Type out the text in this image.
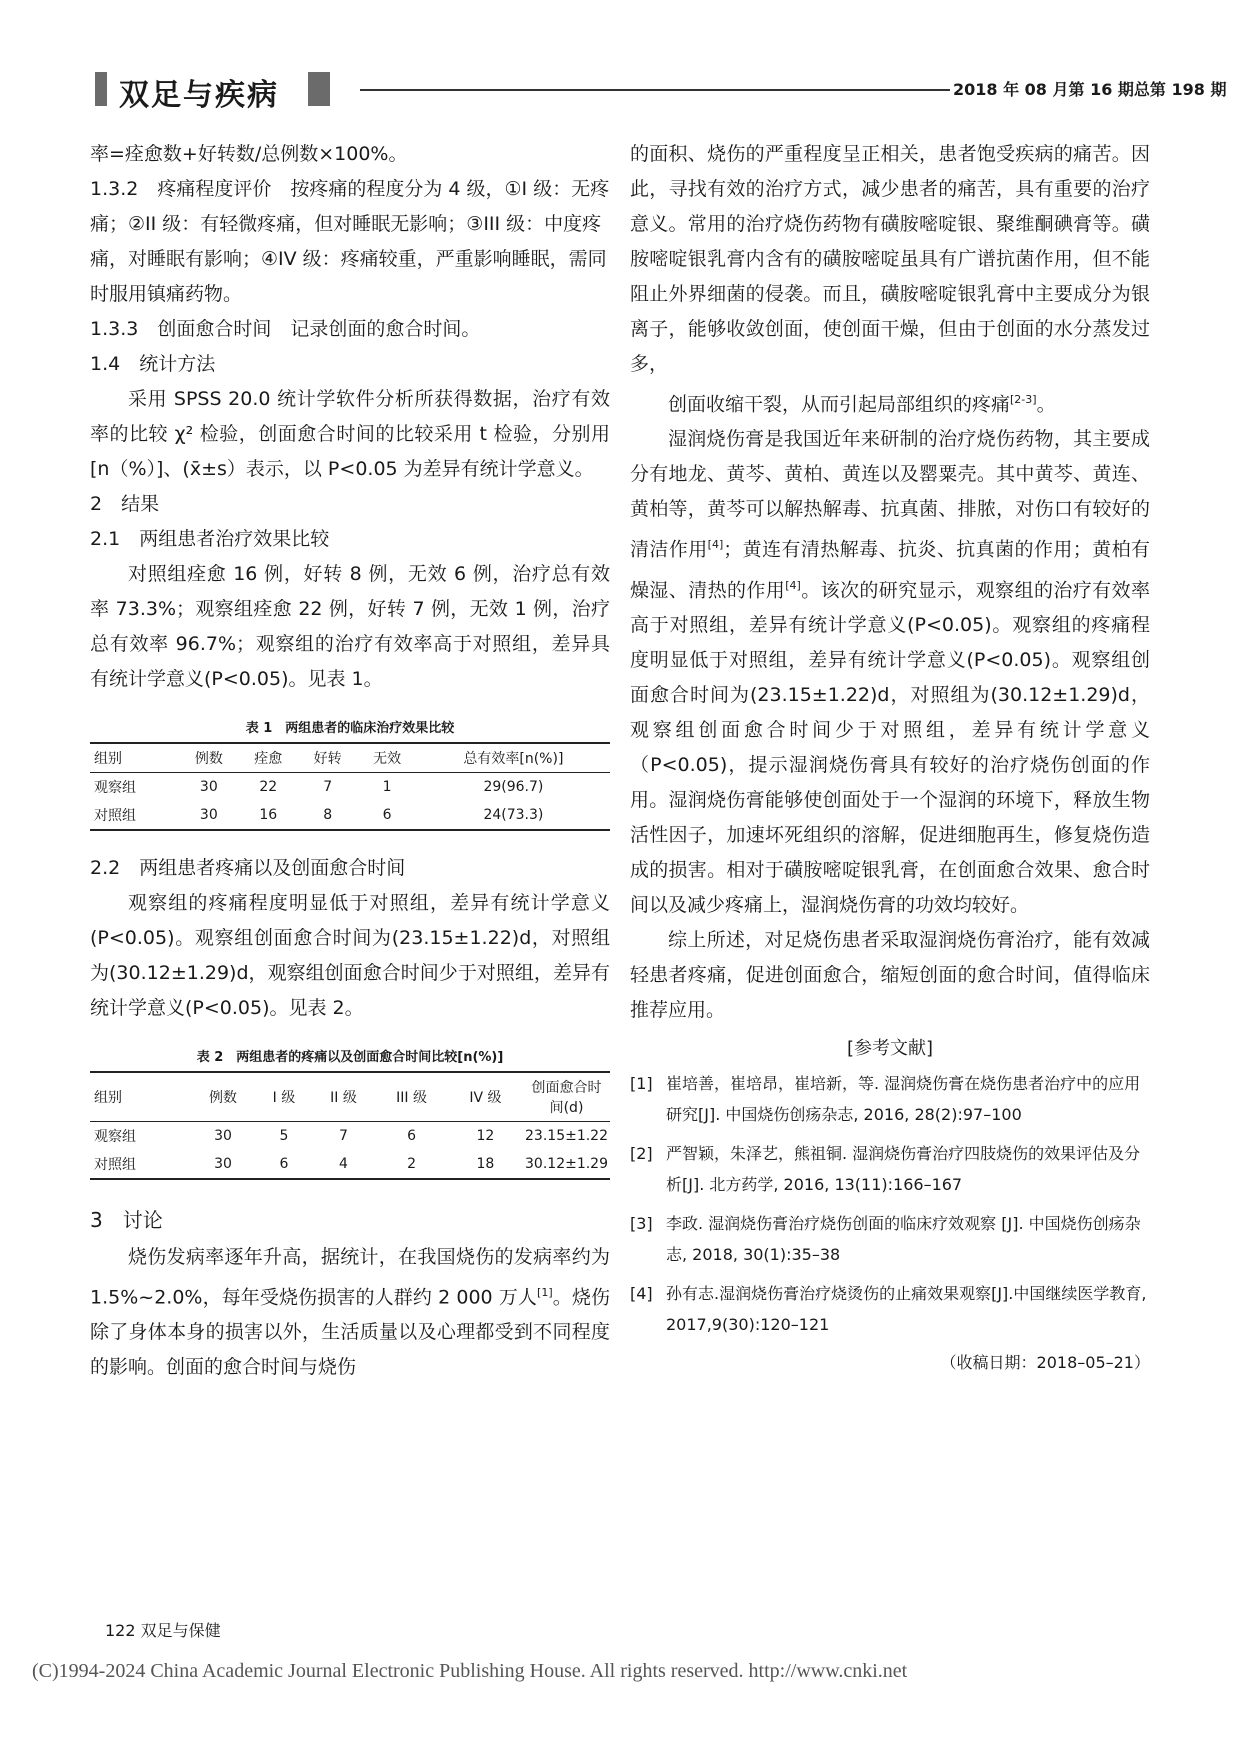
双足与疾病	2018 年 08 月第 16 期总第 198 期

率=痊愈数+好转数/总例数×100%。

1.3.2　疼痛程度评价　按疼痛的程度分为 4 级，①I 级：无疼痛；②II 级：有轻微疼痛，但对睡眠无影响；③III 级：中度疼痛，对睡眠有影响；④IV 级：疼痛较重，严重影响睡眠，需同时服用镇痛药物。

1.3.3　创面愈合时间　记录创面的愈合时间。

1.4　统计方法

采用 SPSS 20.0 统计学软件分析所获得数据，治疗有效率的比较 χ² 检验，创面愈合时间的比较采用 t 检验，分别用[n（%）]、(x̄±s）表示，以 P<0.05 为差异有统计学意义。

2　结果

2.1　两组患者治疗效果比较

对照组痊愈 16 例，好转 8 例，无效 6 例，治疗总有效率 73.3%；观察组痊愈 22 例，好转 7 例，无效 1 例，治疗总有效率 96.7%；观察组的治疗有效率高于对照组，差异具有统计学意义(P<0.05)。见表 1。

表 1　两组患者的临床治疗效果比较
组别	例数	痊愈	好转	无效	总有效率[n(%)]
观察组	30	22	7	1	29(96.7)
对照组	30	16	8	6	24(73.3)

2.2　两组患者疼痛以及创面愈合时间

观察组的疼痛程度明显低于对照组，差异有统计学意义(P<0.05)。观察组创面愈合时间为(23.15±1.22)d，对照组为(30.12±1.29)d，观察组创面愈合时间少于对照组，差异有统计学意义(P<0.05)。见表 2。

表 2　两组患者的疼痛以及创面愈合时间比较[n(%)]
组别	例数	I 级	II 级	III 级	IV 级	创面愈合时间(d)
观察组	30	5	7	6	12	23.15±1.22
对照组	30	6	4	2	18	30.12±1.29

3　讨论

烧伤发病率逐年升高，据统计，在我国烧伤的发病率约为 1.5%~2.0%，每年受烧伤损害的人群约 2 000 万人[1]。烧伤除了身体本身的损害以外，生活质量以及心理都受到不同程度的影响。创面的愈合时间与烧伤

的面积、烧伤的严重程度呈正相关，患者饱受疾病的痛苦。因此，寻找有效的治疗方式，减少患者的痛苦，具有重要的治疗意义。常用的治疗烧伤药物有磺胺嘧啶银、聚维酮碘膏等。磺胺嘧啶银乳膏内含有的磺胺嘧啶虽具有广谱抗菌作用，但不能阻止外界细菌的侵袭。而且，磺胺嘧啶银乳膏中主要成分为银离子，能够收敛创面，使创面干燥，但由于创面的水分蒸发过多，

创面收缩干裂，从而引起局部组织的疼痛[2-3]。

湿润烧伤膏是我国近年来研制的治疗烧伤药物，其主要成分有地龙、黄芩、黄柏、黄连以及罂粟壳。其中黄芩、黄连、黄柏等，黄芩可以解热解毒、抗真菌、排脓，对伤口有较好的清洁作用[4]；黄连有清热解毒、抗炎、抗真菌的作用；黄柏有燥湿、清热的作用[4]。该次的研究显示，观察组的治疗有效率高于对照组，差异有统计学意义(P<0.05)。观察组的疼痛程度明显低于对照组，差异有统计学意义(P<0.05)。观察组创面愈合时间为(23.15±1.22)d，对照组为(30.12±1.29)d，观察组创面愈合时间少于对照组，差异有统计学意义（P<0.05)，提示湿润烧伤膏具有较好的治疗烧伤创面的作用。湿润烧伤膏能够使创面处于一个湿润的环境下，释放生物活性因子，加速坏死组织的溶解，促进细胞再生，修复烧伤造成的损害。相对于磺胺嘧啶银乳膏，在创面愈合效果、愈合时间以及减少疼痛上，湿润烧伤膏的功效均较好。

综上所述，对足烧伤患者采取湿润烧伤膏治疗，能有效减轻患者疼痛，促进创面愈合，缩短创面的愈合时间，值得临床推荐应用。

[参考文献]
[1] 崔培善，崔培昂，崔培新，等. 湿润烧伤膏在烧伤患者治疗中的应用研究[J]. 中国烧伤创疡杂志, 2016, 28(2):97–100
[2] 严智颖，朱泽艺，熊祖铜. 湿润烧伤膏治疗四肢烧伤的效果评估及分析[J]. 北方药学, 2016, 13(11):166–167
[3] 李政. 湿润烧伤膏治疗烧伤创面的临床疗效观察 [J]. 中国烧伤创疡杂志, 2018, 30(1):35–38
[4] 孙有志.湿润烧伤膏治疗烧烫伤的止痛效果观察[J].中国继续医学教育, 2017,9(30):120–121
（收稿日期：2018–05–21）
122 双足与保健
(C)1994-2024 China Academic Journal Electronic Publishing House. All rights reserved. http://www.cnki.net
